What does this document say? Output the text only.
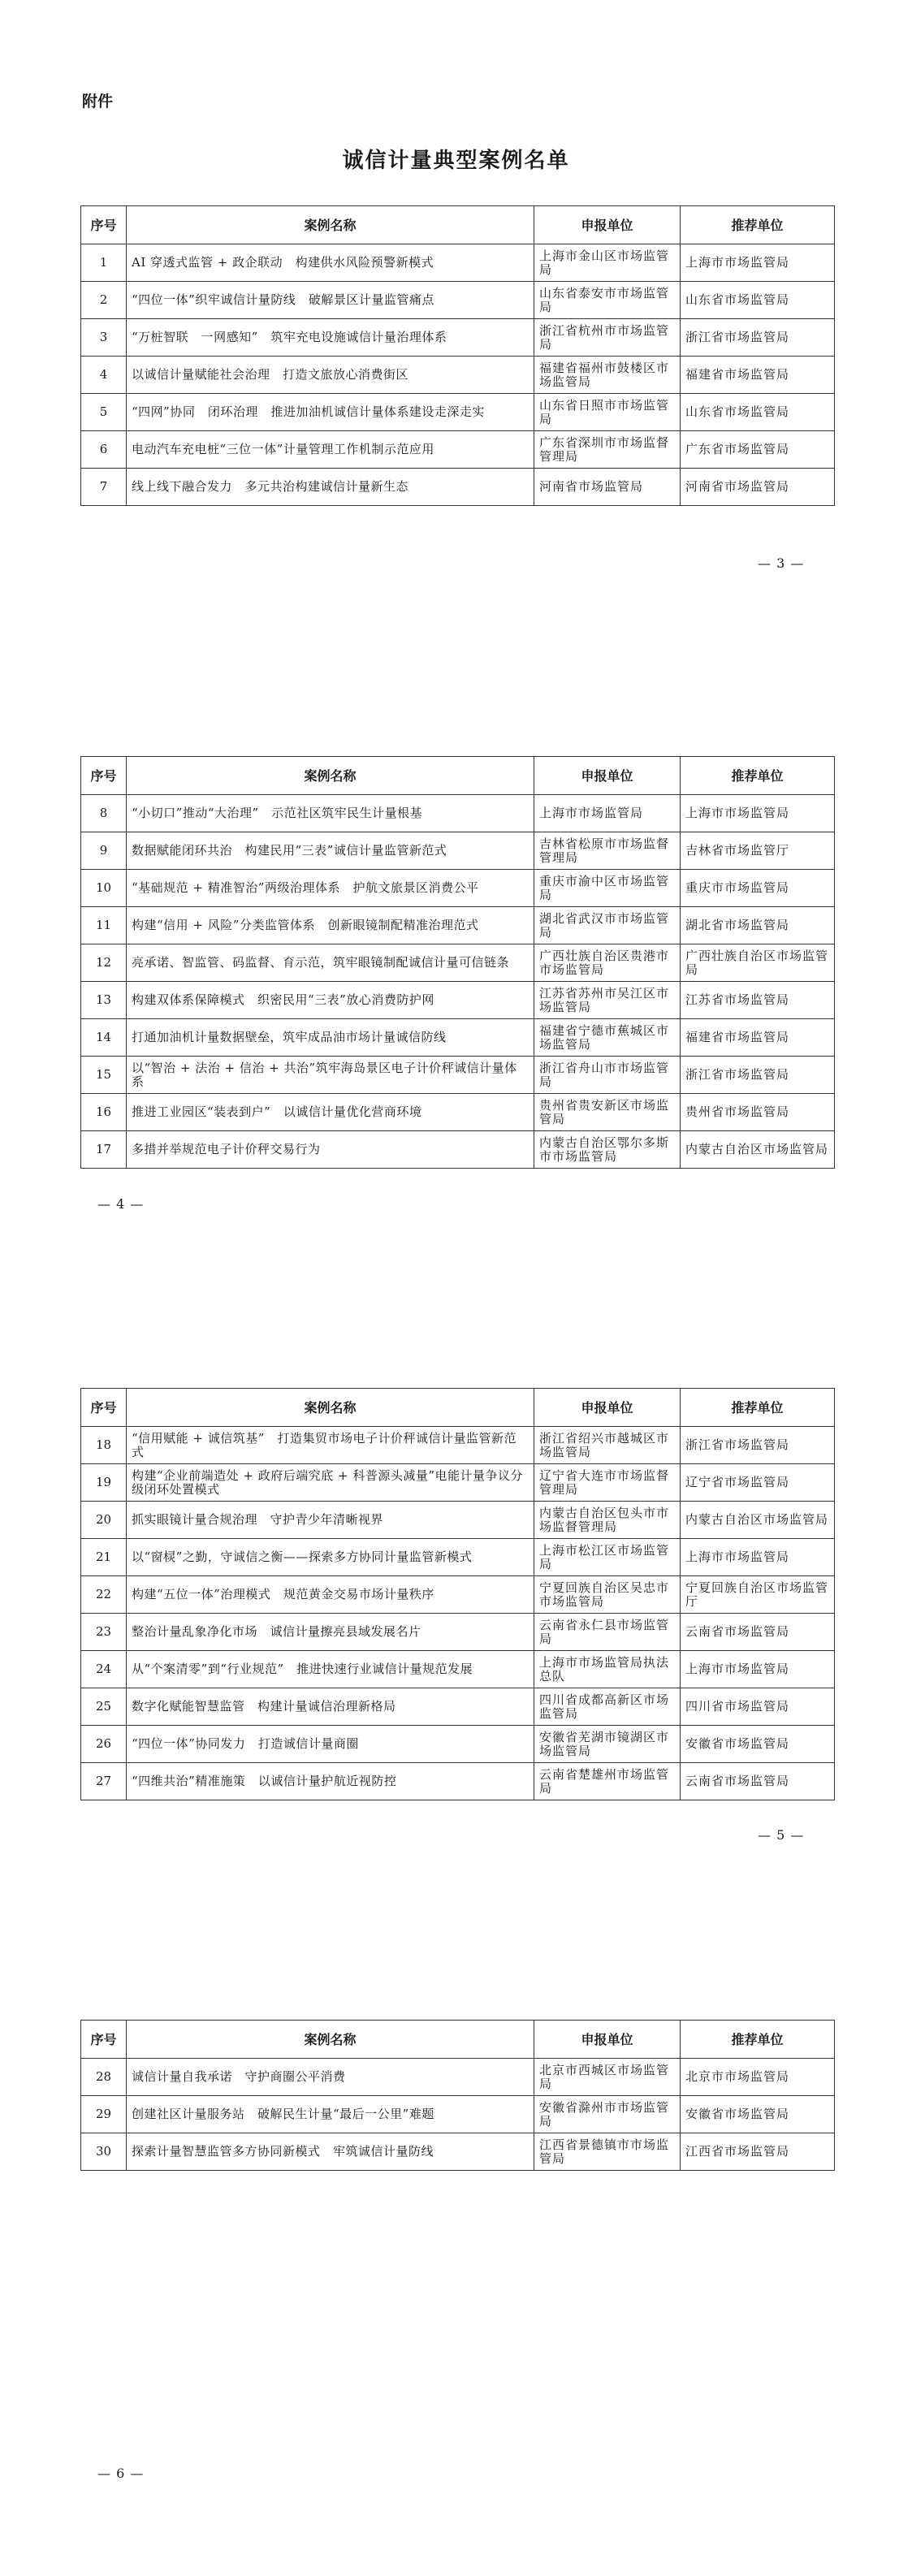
附件
诚信计量典型案例名单
序号	案例名称	申报单位	推荐单位
1	AI 穿透式监管 + 政企联动　构建供水风险预警新模式	上海市金山区市场监管局	上海市市场监管局
2	“四位一体”织牢诚信计量防线　破解景区计量监管痛点	山东省泰安市市场监管局	山东省市场监管局
3	“万桩智联　一网感知”　筑牢充电设施诚信计量治理体系	浙江省杭州市市场监管局	浙江省市场监管局
4	以诚信计量赋能社会治理　打造文旅放心消费街区	福建省福州市鼓楼区市场监管局	福建省市场监管局
5	“四网”协同　闭环治理　推进加油机诚信计量体系建设走深走实	山东省日照市市场监管局	山东省市场监管局
6	电动汽车充电桩“三位一体”计量管理工作机制示范应用	广东省深圳市市场监督管理局	广东省市场监管局
7	线上线下融合发力　多元共治构建诚信计量新生态	河南省市场监管局	河南省市场监管局
— 3 —
序号	案例名称	申报单位	推荐单位
8	“小切口”推动“大治理”　示范社区筑牢民生计量根基	上海市市场监管局	上海市市场监管局
9	数据赋能闭环共治　构建民用“三表”诚信计量监管新范式	吉林省松原市市场监督管理局	吉林省市场监管厅
10	“基础规范 + 精准智治”两级治理体系　护航文旅景区消费公平	重庆市渝中区市场监管局	重庆市市场监管局
11	构建“信用 + 风险”分类监管体系　创新眼镜制配精准治理范式	湖北省武汉市市场监管局	湖北省市场监管局
12	亮承诺、智监管、码监督、育示范，筑牢眼镜制配诚信计量可信链条	广西壮族自治区贵港市市场监管局	广西壮族自治区市场监管局
13	构建双体系保障模式　织密民用“三表”放心消费防护网	江苏省苏州市吴江区市场监管局	江苏省市场监管局
14	打通加油机计量数据壁垒，筑牢成品油市场计量诚信防线	福建省宁德市蕉城区市场监管局	福建省市场监管局
15	以“智治 + 法治 + 信治 + 共治”筑牢海岛景区电子计价秤诚信计量体系	浙江省舟山市市场监管局	浙江省市场监管局
16	推进工业园区“装表到户”　以诚信计量优化营商环境	贵州省贵安新区市场监管局	贵州省市场监管局
17	多措并举规范电子计价秤交易行为	内蒙古自治区鄂尔多斯市市场监管局	内蒙古自治区市场监管局
— 4 —
序号	案例名称	申报单位	推荐单位
18	“信用赋能 + 诚信筑基”　打造集贸市场电子计价秤诚信计量监管新范式	浙江省绍兴市越城区市场监管局	浙江省市场监管局
19	构建“企业前端造处 + 政府后端究底 + 科普源头减量”电能计量争议分级闭环处置模式	辽宁省大连市市场监督管理局	辽宁省市场监管局
20	抓实眼镜计量合规治理　守护青少年清晰视界	内蒙古自治区包头市市场监督管理局	内蒙古自治区市场监管局
21	以“窗棂”之勤，守诚信之衡——探索多方协同计量监管新模式	上海市松江区市场监管局	上海市市场监管局
22	构建“五位一体”治理模式　规范黄金交易市场计量秩序	宁夏回族自治区吴忠市市场监管局	宁夏回族自治区市场监管厅
23	整治计量乱象净化市场　诚信计量擦亮县域发展名片	云南省永仁县市场监管局	云南省市场监管局
24	从“个案清零”到“行业规范”　推进快速行业诚信计量规范发展	上海市市场监管局执法总队	上海市市场监管局
25	数字化赋能智慧监管　构建计量诚信治理新格局	四川省成都高新区市场监管局	四川省市场监管局
26	“四位一体”协同发力　打造诚信计量商圈	安徽省芜湖市镜湖区市场监管局	安徽省市场监管局
27	“四维共治”精准施策　以诚信计量护航近视防控	云南省楚雄州市场监管局	云南省市场监管局
— 5 —
序号	案例名称	申报单位	推荐单位
28	诚信计量自我承诺　守护商圈公平消费	北京市西城区市场监管局	北京市市场监管局
29	创建社区计量服务站　破解民生计量“最后一公里”难题	安徽省滁州市市场监管局	安徽省市场监管局
30	探索计量智慧监管多方协同新模式　牢筑诚信计量防线	江西省景德镇市市场监管局	江西省市场监管局
— 6 —
